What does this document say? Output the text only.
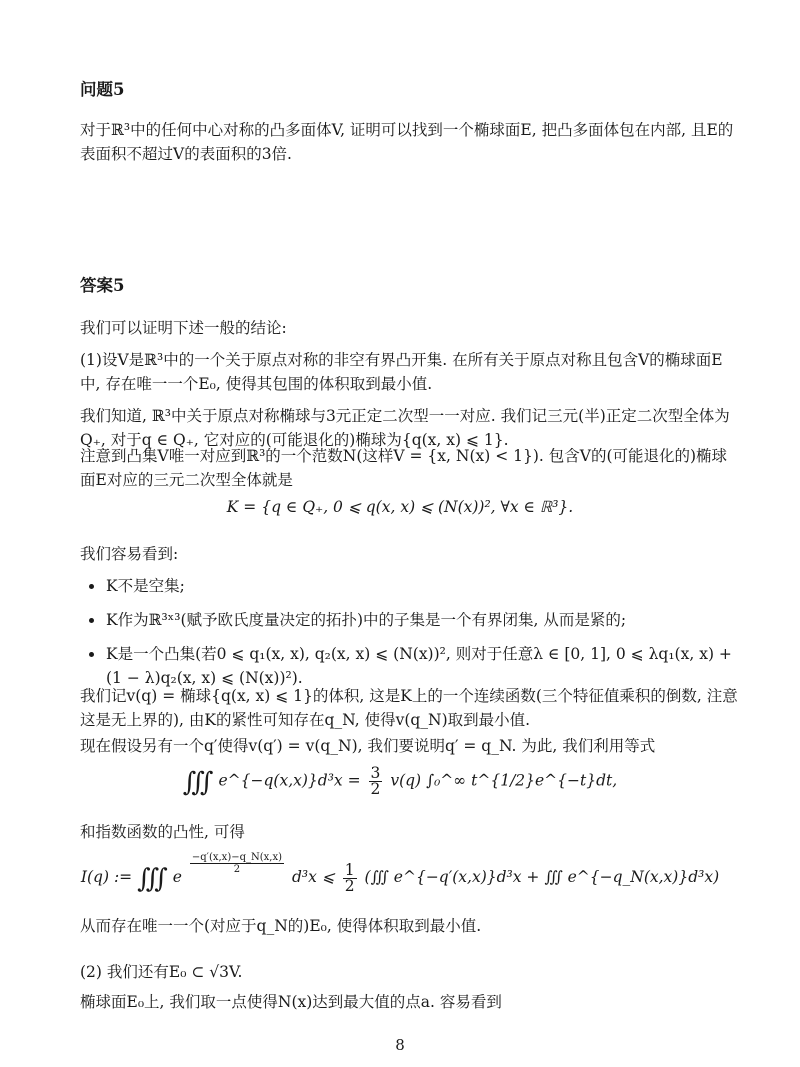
问题5
对于ℝ³中的任何中心对称的凸多面体V, 证明可以找到一个椭球面E, 把凸多面体包在内部, 且E的表面积不超过V的表面积的3倍.
答案5
我们可以证明下述一般的结论:
(1)设V是ℝ³中的一个关于原点对称的非空有界凸开集. 在所有关于原点对称且包含V的椭球面E中, 存在唯一一个E₀, 使得其包围的体积取到最小值.
我们知道, ℝ³中关于原点对称椭球与3元正定二次型一一对应. 我们记三元(半)正定二次型全体为Q₊, 对于q ∈ Q₊, 它对应的(可能退化的)椭球为{q(x, x) ⩽ 1}.
注意到凸集V唯一对应到ℝ³的一个范数N(这样V = {x, N(x) < 1}). 包含V的(可能退化的)椭球面E对应的三元二次型全体就是
K = {q ∈ Q₊, 0 ⩽ q(x, x) ⩽ (N(x))², ∀x ∈ ℝ³}.
我们容易看到:
K不是空集;
K作为ℝ³ˣ³(赋予欧氏度量决定的拓扑)中的子集是一个有界闭集, 从而是紧的;
K是一个凸集(若0 ⩽ q₁(x, x), q₂(x, x) ⩽ (N(x))², 则对于任意λ ∈ [0, 1], 0 ⩽ λq₁(x, x) + (1 − λ)q₂(x, x) ⩽ (N(x))²).
我们记v(q) = 椭球{q(x, x) ⩽ 1}的体积, 这是K上的一个连续函数(三个特征值乘积的倒数, 注意这是无上界的), 由K的紧性可知存在q_N, 使得v(q_N)取到最小值.
现在假设另有一个q′使得v(q′) = v(q_N), 我们要说明q′ = q_N. 为此, 我们利用等式
∭ e^{−q(x,x)}d³x = $\frac{3}{2} v(q)$ ∫₀^∞ t^{1/2}e^{−t}dt,
和指数函数的凸性, 可得
I(q) := ∭ e
$\frac{-q'(x,x)-q\_N(x,x)}{2}$
d³x ⩽ $\frac{1}{2}$ (∭ e^{−q′(x,x)}d³x + ∭ e^{−q_N(x,x)}d³x)
从而存在唯一一个(对应于q_N的)E₀, 使得体积取到最小值.
(2) 我们还有E₀ ⊂ √3V.
椭球面E₀上, 我们取一点使得N(x)达到最大值的点a. 容易看到
8
